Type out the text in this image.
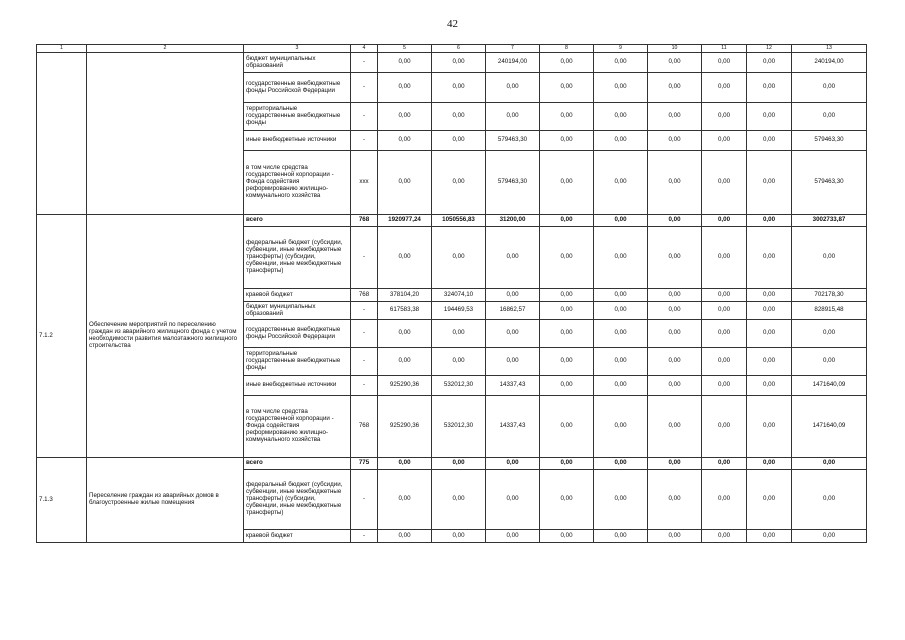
42
1	2	3	4	5	6	7	8	9	10	11	12	13
		бюджет муниципальных образований	-	0,00	0,00	240194,00	0,00	0,00	0,00	0,00	0,00	240194,00
		государственные внебюджетные фонды Российской Федерации	-	0,00	0,00	0,00	0,00	0,00	0,00	0,00	0,00	0,00
		территориальные государственные внебюджетные фонды	-	0,00	0,00	0,00	0,00	0,00	0,00	0,00	0,00	0,00
		иные внебюджетные источники	-	0,00	0,00	579463,30	0,00	0,00	0,00	0,00	0,00	579463,30
		в том числе средства государственной корпорации - Фонда содействия реформированию жилищно-коммунального хозяйства	xxx	0,00	0,00	579463,30	0,00	0,00	0,00	0,00	0,00	579463,30
7.1.2	Обеспечение мероприятий по переселению граждан из аварийного жилищного фонда с учетом необходимости развития малоэтажного жилищного строительства	всего	768	1920977,24	1050556,83	31200,00	0,00	0,00	0,00	0,00	0,00	3002733,87
		федеральный бюджет (субсидии, субвенции, иные межбюджетные трансферты) (субсидии, субвенции, иные межбюджетные трансферты)	-	0,00	0,00	0,00	0,00	0,00	0,00	0,00	0,00	0,00
		краевой бюджет	768	378104,20	324074,10	0,00	0,00	0,00	0,00	0,00	0,00	702178,30
		бюджет муниципальных образований	-	617583,38	194469,53	16862,57	0,00	0,00	0,00	0,00	0,00	828915,48
		государственные внебюджетные фонды Российской Федерации	-	0,00	0,00	0,00	0,00	0,00	0,00	0,00	0,00	0,00
		территориальные государственные внебюджетные фонды	-	0,00	0,00	0,00	0,00	0,00	0,00	0,00	0,00	0,00
		иные внебюджетные источники	-	925290,36	532012,30	14337,43	0,00	0,00	0,00	0,00	0,00	1471640,09
		в том числе средства государственной корпорации - Фонда содействия реформированию жилищно-коммунального хозяйства	768	925290,36	532012,30	14337,43	0,00	0,00	0,00	0,00	0,00	1471640,09
7.1.3	Переселение граждан из аварийных домов в благоустроенные жилые помещения	всего	775	0,00	0,00	0,00	0,00	0,00	0,00	0,00	0,00	0,00
		федеральный бюджет (субсидии, субвенции, иные межбюджетные трансферты) (субсидии, субвенции, иные межбюджетные трансферты)	-	0,00	0,00	0,00	0,00	0,00	0,00	0,00	0,00	0,00
		краевой бюджет	-	0,00	0,00	0,00	0,00	0,00	0,00	0,00	0,00	0,00
